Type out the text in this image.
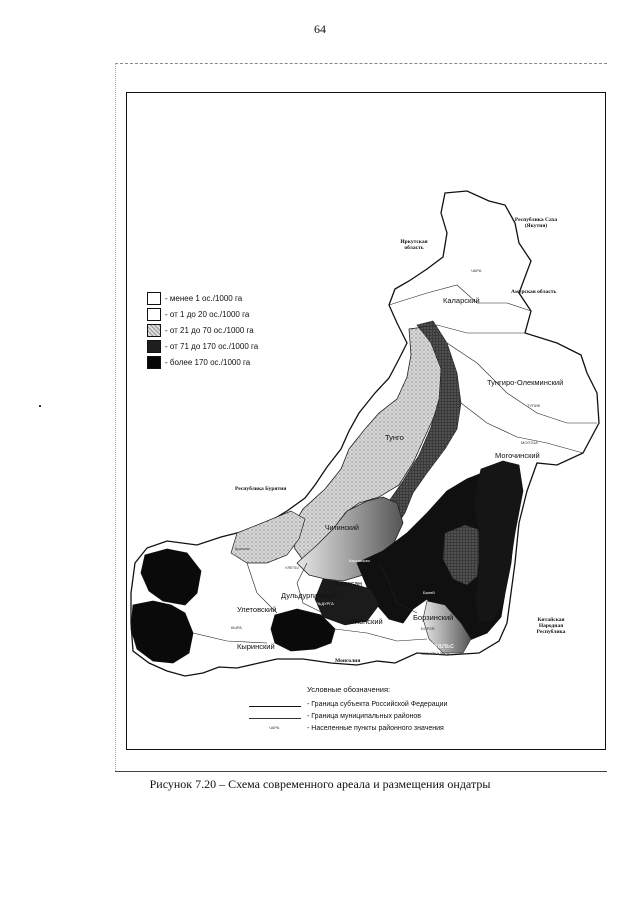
64
- менее 1 ос./1000 га
- от 1 до 20 ос./1000 га
- от 21 до 70 ос./1000 га
- от 71 до 170 ос./1000 га
- более 170 ос./1000 га
Республика Саха (Якутия)
Иркутская область
Амурская область
Республика Бурятия
Китайская Народная Республика
Монголия
Каларский
Тунгиро-Олекминский
Могочинский
Тунго
Читинский
Карымская
Красноч
Балей
Улетовский
Дульдургинский
Алексан
Кыринский
Ононский	Борзинский
Забайкальс
ЧАРА
ТУПИК
МОГОЧА
УЛЕТЫ
ДУЛЬДУРГА
КЫРА	БОРЗЯ
ЗАБАЙКАЛЬСК
Условные обозначения:
- Граница субъекта Российской Федерации
- Граница муниципальных районов
ЧАРА	- Населенные пункты районного значения
Рисунок 7.20 – Схема современного ареала и размещения ондатры
